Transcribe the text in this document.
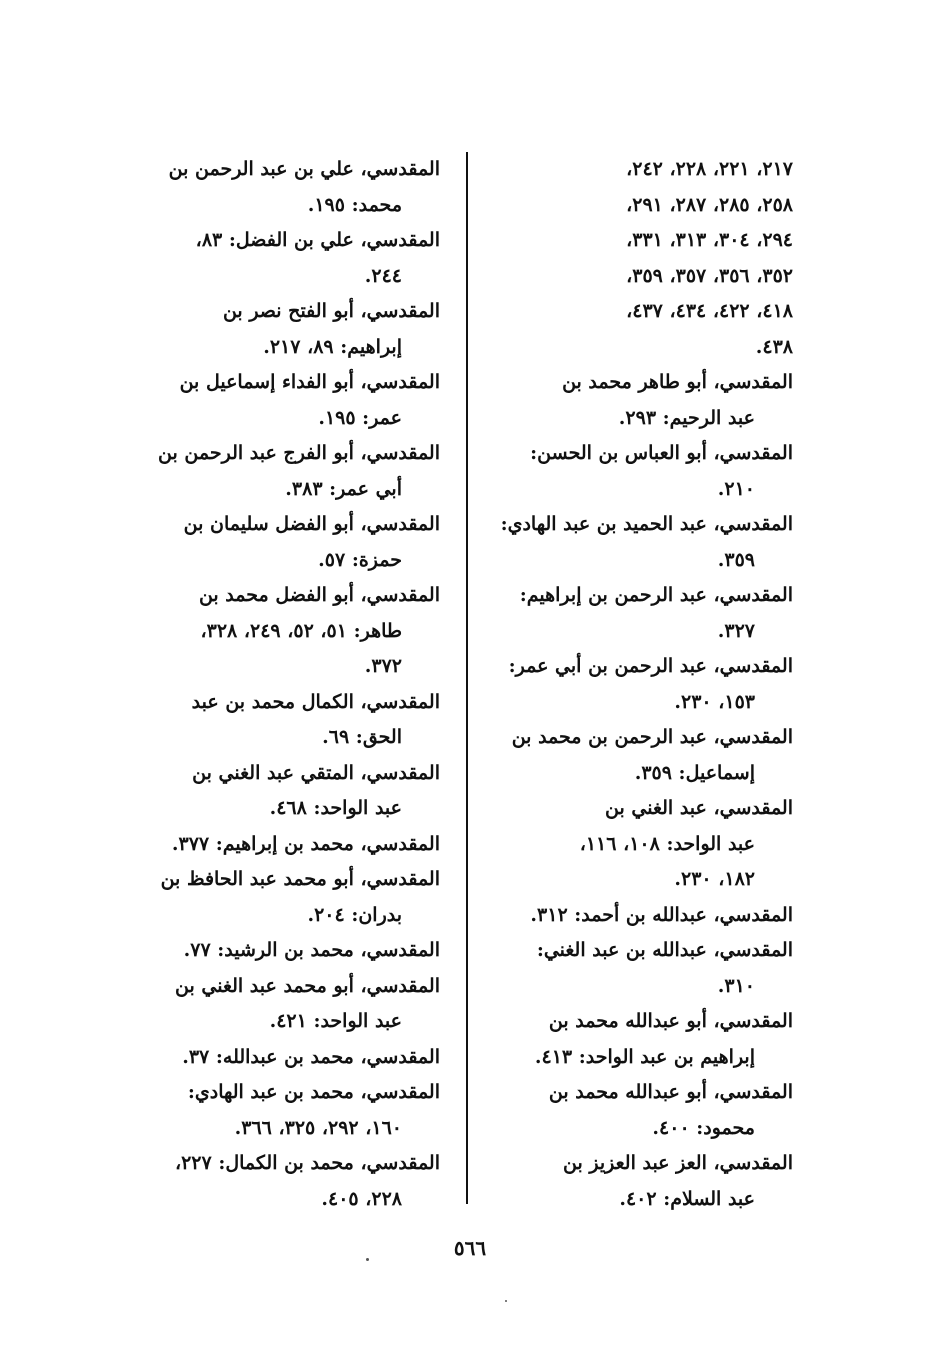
٢١٧، ٢٢١، ٢٢٨، ٢٤٢،
٢٥٨، ٢٨٥، ٢٨٧، ٢٩١،
٢٩٤، ٣٠٤، ٣١٣، ٣٣١،
٣٥٢، ٣٥٦، ٣٥٧، ٣٥٩،
٤١٨، ٤٢٢، ٤٣٤، ٤٣٧،
٤٣٨.
المقدسي، أبو طاهر محمد بن
عبد الرحيم: ٢٩٣.
المقدسي، أبو العباس بن الحسن:
٢١٠.
المقدسي، عبد الحميد بن عبد الهادي:
٣٥٩.
المقدسي، عبد الرحمن بن إبراهيم:
٣٢٧.
المقدسي، عبد الرحمن بن أبي عمر:
١٥٣، ٢٣٠.
المقدسي، عبد الرحمن بن محمد بن
إسماعيل: ٣٥٩.
المقدسي، عبد الغني بن
عبد الواحد: ١٠٨، ١١٦،
١٨٢، ٢٣٠.
المقدسي، عبدالله بن أحمد: ٣١٢.
المقدسي، عبدالله بن عبد الغني:
٣١٠.
المقدسي، أبو عبدالله محمد بن
إبراهيم بن عبد الواحد: ٤١٣.
المقدسي، أبو عبدالله محمد بن
محمود: ٤٠٠.
المقدسي، العز عبد العزيز بن
عبد السلام: ٤٠٢.
المقدسي، علي بن عبد الرحمن بن
محمد: ١٩٥.
المقدسي، علي بن الفضل: ٨٣،
٢٤٤.
المقدسي، أبو الفتح نصر بن
إبراهيم: ٨٩، ٢١٧.
المقدسي، أبو الفداء إسماعيل بن
عمر: ١٩٥.
المقدسي، أبو الفرج عبد الرحمن بن
أبي عمر: ٣٨٣.
المقدسي، أبو الفضل سليمان بن
حمزة: ٥٧.
المقدسي، أبو الفضل محمد بن
طاهر: ٥١، ٥٢، ٢٤٩، ٣٢٨،
٣٧٢.
المقدسي، الكمال محمد بن عبد
الحق: ٦٩.
المقدسي، المتقي عبد الغني بن
عبد الواحد: ٤٦٨.
المقدسي، محمد بن إبراهيم: ٣٧٧.
المقدسي، أبو محمد عبد الحافظ بن
بدران: ٢٠٤.
المقدسي، محمد بن الرشيد: ٧٧.
المقدسي، أبو محمد عبد الغني بن
عبد الواحد: ٤٢١.
المقدسي، محمد بن عبدالله: ٣٧.
المقدسي، محمد بن عبد الهادي:
١٦٠، ٢٩٢، ٣٢٥، ٣٦٦.
المقدسي، محمد بن الكمال: ٢٢٧،
٢٢٨، ٤٠٥.
٥٦٦
